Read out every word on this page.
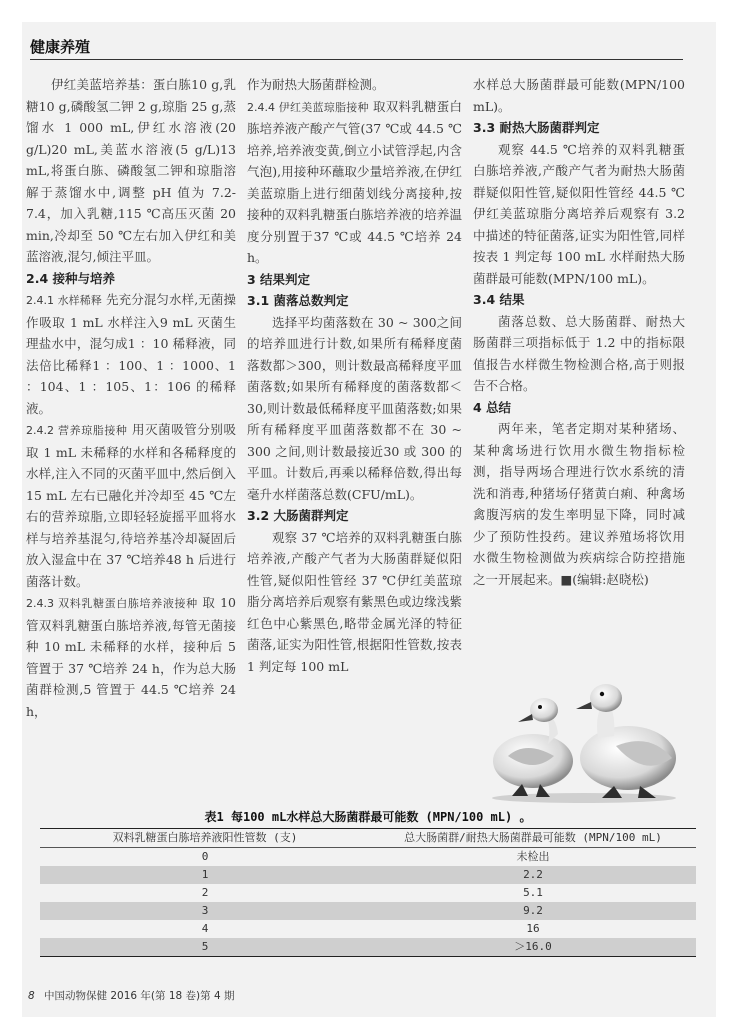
健康养殖

伊红美蓝培养基：蛋白胨10 g,乳糖10 g,磷酸氢二钾 2 g,琼脂 25 g,蒸馏水 1 000 mL,伊红水溶液(20 g/L)20 mL,美蓝水溶液(5 g/L)13 mL,将蛋白胨、磷酸氢二钾和琼脂溶解于蒸馏水中,调整 pH 值为 7.2-7.4，加入乳糖,115 ℃高压灭菌 20 min,冷却至 50 ℃左右加入伊红和美蓝溶液,混匀,倾注平皿。

2.4 接种与培养

2.4.1 水样稀释 先充分混匀水样,无菌操作吸取 1 mL 水样注入9 mL 灭菌生理盐水中，混匀成1 ：10 稀释液，同法倍比稀释1 ：100、1 ：1000、1 ：104、1 ：105、1：106 的稀释液。

2.4.2 营养琼脂接种 用灭菌吸管分别吸取 1 mL 未稀释的水样和各稀释度的水样,注入不同的灭菌平皿中,然后倒入 15 mL 左右已融化并冷却至 45 ℃左右的营养琼脂,立即轻轻旋摇平皿将水样与培养基混匀,待培养基冷却凝固后放入湿盒中在 37 ℃培养48 h 后进行菌落计数。

2.4.3 双料乳糖蛋白胨培养液接种 取 10管双料乳糖蛋白胨培养液,每管无菌接种 10 mL 未稀释的水样，接种后 5 管置于 37 ℃培养 24 h，作为总大肠菌群检测,5 管置于 44.5 ℃培养 24 h，

作为耐热大肠菌群检测。

2.4.4 伊红美蓝琼脂接种 取双料乳糖蛋白胨培养液产酸产气管(37 ℃或 44.5 ℃培养,培养液变黄,倒立小试管浮起,内含气泡),用接种环蘸取少量培养液,在伊红美蓝琼脂上进行细菌划线分离接种,按接种的双料乳糖蛋白胨培养液的培养温度分别置于37 ℃或 44.5 ℃培养 24 h。

3 结果判定

3.1 菌落总数判定

选择平均菌落数在 30 ~ 300之间的培养皿进行计数,如果所有稀释度菌落数都＞300，则计数最高稀释度平皿菌落数;如果所有稀释度的菌落数都＜30,则计数最低稀释度平皿菌落数;如果所有稀释度平皿菌落数都不在 30 ~ 300 之间,则计数最接近30 或 300 的平皿。计数后,再乘以稀释倍数,得出每毫升水样菌落总数(CFU/mL)。

3.2 大肠菌群判定

观察 37 ℃培养的双料乳糖蛋白胨培养液,产酸产气者为大肠菌群疑似阳性管,疑似阳性管经 37 ℃伊红美蓝琼脂分离培养后观察有紫黑色或边缘浅紫红色中心紫黑色,略带金属光泽的特征菌落,证实为阳性管,根据阳性管数,按表 1 判定每 100 mL

水样总大肠菌群最可能数(MPN/100 mL)。

3.3 耐热大肠菌群判定

观察 44.5 ℃培养的双料乳糖蛋白胨培养液,产酸产气者为耐热大肠菌群疑似阳性管,疑似阳性管经 44.5 ℃伊红美蓝琼脂分离培养后观察有 3.2 中描述的特征菌落,证实为阳性管,同样按表 1 判定每 100 mL 水样耐热大肠菌群最可能数(MPN/100 mL)。

3.4 结果

菌落总数、总大肠菌群、耐热大肠菌群三项指标低于 1.2 中的指标限值报告水样微生物检测合格,高于则报告不合格。

4 总结

两年来，笔者定期对某种猪场、某种禽场进行饮用水微生物指标检测，指导两场合理进行饮水系统的清洗和消毒,种猪场仔猪黄白痢、种禽场禽腹泻病的发生率明显下降，同时减少了预防性投药。建议养殖场将饮用水微生物检测做为疾病综合防控措施之一开展起来。■(编辑:赵晓松)

表1 每100 mL水样总大肠菌群最可能数 (MPN/100 mL) 。
双料乳糖蛋白胨培养液阳性管数 (支)	总大肠菌群/耐热大肠菌群最可能数 (MPN/100 mL)
0	未检出
1	2.2
2	5.1
3	9.2
4	16
5	＞16.0
8 中国动物保健 2016 年(第 18 卷)第 4 期
